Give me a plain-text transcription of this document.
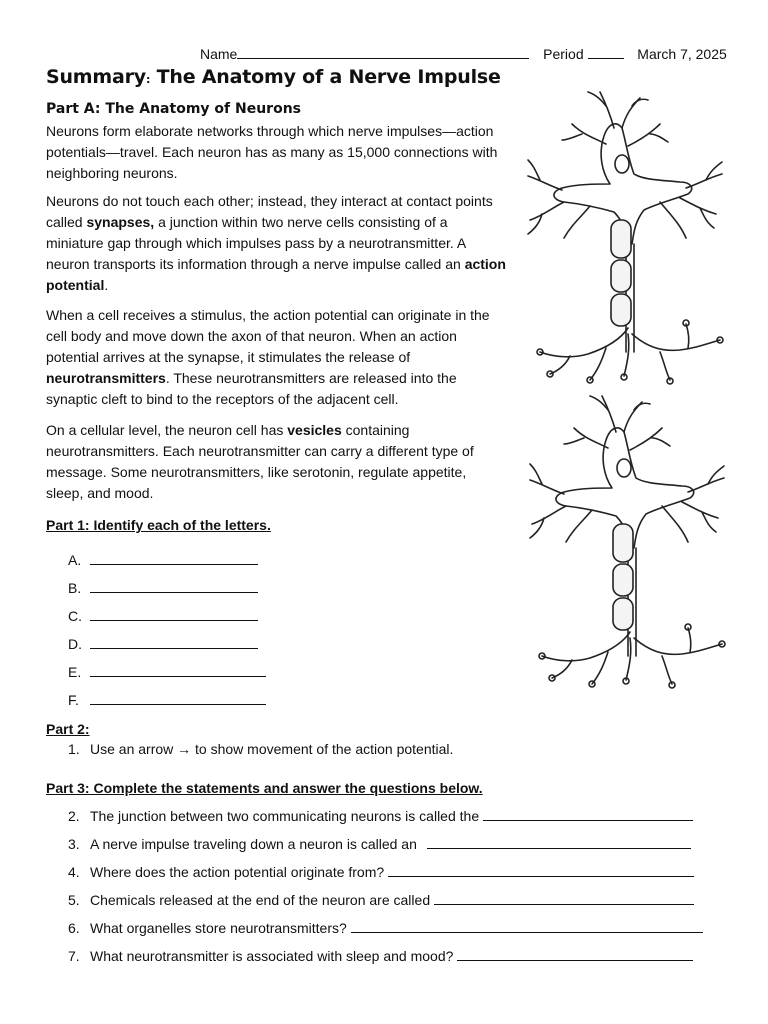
Name	Period	March 7, 2025
Summary: The Anatomy of a Nerve Impulse
Part A: The Anatomy of Neurons

Neurons form elaborate networks through which nerve impulses—action potentials—travel. Each neuron has as many as 15,000 connections with neighboring neurons.

Neurons do not touch each other; instead, they interact at contact points called synapses, a junction within two nerve cells consisting of a miniature gap through which impulses pass by a neurotransmitter. A neuron transports its information through a nerve impulse called an action potential.

When a cell receives a stimulus, the action potential can originate in the cell body and move down the axon of that neuron. When an action potential arrives at the synapse, it stimulates the release of neurotransmitters. These neurotransmitters are released into the synaptic cleft to bind to the receptors of the adjacent cell.

On a cellular level, the neuron cell has vesicles containing neurotransmitters. Each neurotransmitter can carry a different type of message. Some neurotransmitters, like serotonin, regulate appetite, sleep, and mood.

Part 1: Identify each of the letters.
A.
B.
C.
D.
E.
F.
Part 2:
1. Use an arrow → to show movement of the action potential.
Part 3: Complete the statements and answer the questions below.
2. The junction between two communicating neurons is called the
3. A nerve impulse traveling down a neuron is called an
4. Where does the action potential originate from?
5. Chemicals released at the end of the neuron are called
6. What organelles store neurotransmitters?
7. What neurotransmitter is associated with sleep and mood?
